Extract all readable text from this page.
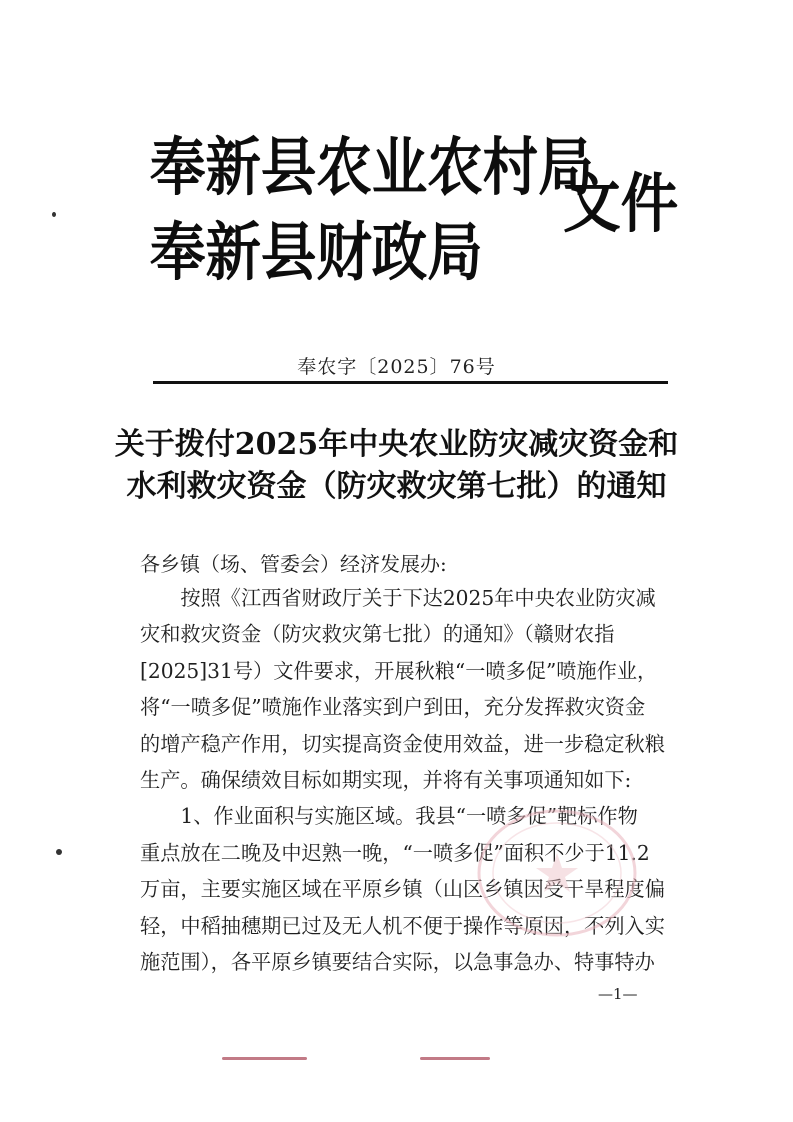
奉新县农业农村局
奉新县财政局
文件
奉农字〔2025〕76号
关于拨付2025年中央农业防灾减灾资金和
水利救灾资金（防灾救灾第七批）的通知
各乡镇（场、管委会）经济发展办:
　　按照《江西省财政厅关于下达2025年中央农业防灾减
灾和救灾资金（防灾救灾第七批）的通知》（赣财农指
[2025]31号）文件要求，开展秋粮“一喷多促”喷施作业，
将“一喷多促”喷施作业落实到户到田，充分发挥救灾资金
的增产稳产作用，切实提高资金使用效益，进一步稳定秋粮
生产。确保绩效目标如期实现，并将有关事项通知如下:
　　1、作业面积与实施区域。我县“一喷多促”靶标作物
重点放在二晚及中迟熟一晚，“一喷多促”面积不少于11.2
万亩，主要实施区域在平原乡镇（山区乡镇因受干旱程度偏
轻，中稻抽穗期已过及无人机不便于操作等原因，不列入实
施范围），各平原乡镇要结合实际，以急事急办、特事特办
—1—
